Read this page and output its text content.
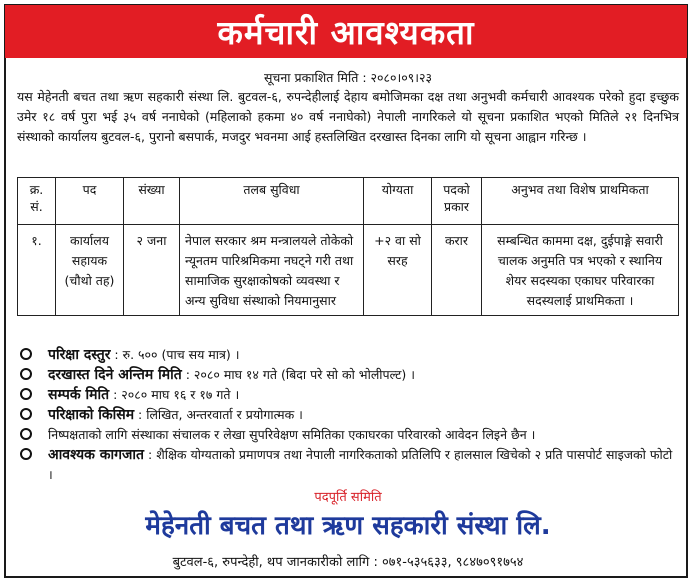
कर्मचारी आवश्यकता
सूचना प्रकाशित मिति : २०८०।०९।२३
यस मेहेनती बचत तथा ऋण सहकारी संस्था लि. बुटवल-६, रुपन्देहीलाई देहाय बमोजिमका दक्ष तथा अनुभवी कर्मचारी आवश्यक परेको हुदा इच्छुक उमेर १८ वर्ष पुरा भई ३५ वर्ष ननाघेको (महिलाको हकमा ४० वर्ष ननाघेको) नेपाली नागरिकले यो सूचना प्रकाशित भएको मितिले २१ दिनभित्र संस्थाको कार्यालय बुटवल-६, पुरानो बसपार्क, मजदुर भवनमा आई हस्तलिखित दरखास्त दिनका लागि यो सूचना आह्वान गरिन्छ ।
क्र. सं.	पद	संख्या	तलब सुविधा	योग्यता	पदको प्रकार	अनुभव तथा विशेष प्राथमिकता
१.	कार्यालय सहायक (चौथो तह)	२ जना	नेपाल सरकार श्रम मन्त्रालयले तोकेको न्यूनतम पारिश्रमिकमा नघट्ने गरी तथा सामाजिक सुरक्षाकोषको व्यवस्था र अन्य सुविधा संस्थाको नियमानुसार	+२ वा सो सरह	करार	सम्बन्धित काममा दक्ष, दुईपाङ्गे सवारी चालक अनुमति पत्र भएको र स्थानिय शेयर सदस्यका एकाघर परिवारका सदस्यलाई प्राथमिकता ।
परिक्षा दस्तुर : रु. ५०० (पाच सय मात्र) ।
दरखास्त दिने अन्तिम मिति : २०८० माघ १४ गते (बिदा परे सो को भोलीपल्ट) ।
सम्पर्क मिति : २०८० माघ १६ र १७ गते ।
परिक्षाको किसिम : लिखित, अन्तरवार्ता र प्रयोगात्मक ।
निष्पक्षताको लागि संस्थाका संचालक र लेखा सुपरिवेक्षण समितिका एकाघरका परिवारको आवेदन लिइने छैन ।
आवश्यक कागजात : शैक्षिक योग्यताको प्रमाणपत्र तथा नेपाली नागरिकताको प्रतिलिपि र हालसाल खिचेको २ प्रति पासपोर्ट साइजको फोटो ।
पदपूर्ति समिति
मेहेनती बचत तथा ऋण सहकारी संस्था लि.
बुटवल-६, रुपन्देही, थप जानकारीको लागि : ०७१-५३५६३३, ९८४७०९१७५४
